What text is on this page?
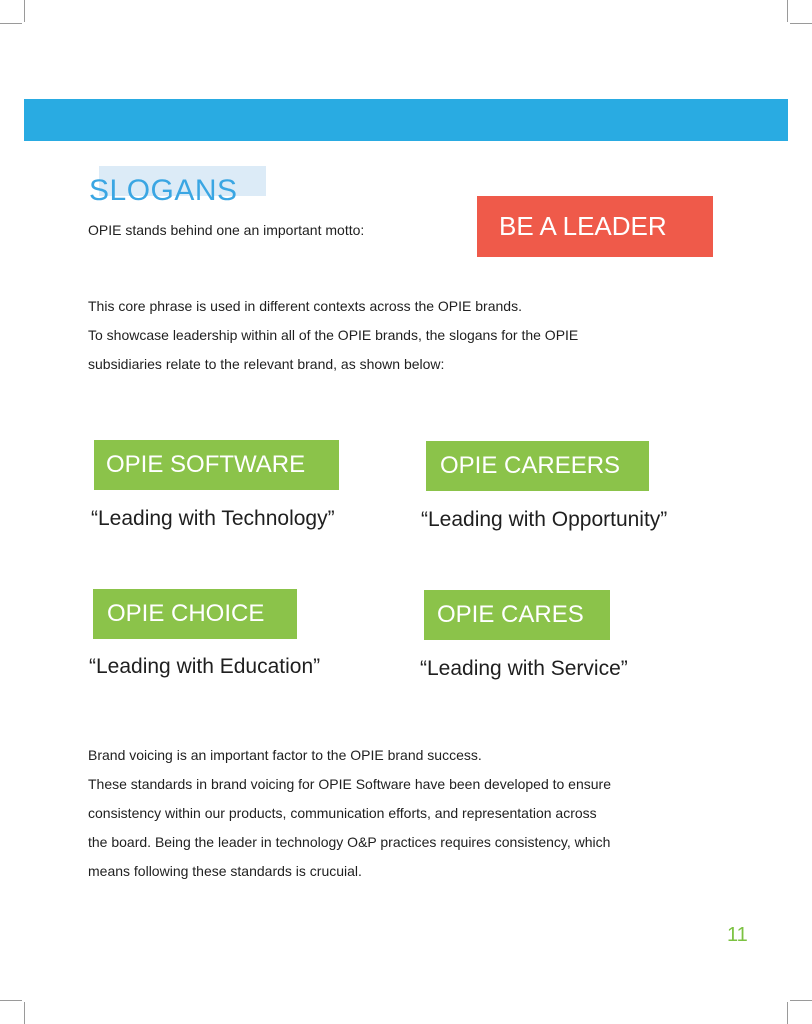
SLOGANS
OPIE stands behind one an important motto:	BE A LEADER
This core phrase is used in different contexts across the OPIE brands.
To showcase leadership within all of the OPIE brands, the slogans for the OPIE
subsidiaries relate to the relevant brand, as shown below:
OPIE SOFTWARE
“Leading with Technology”
OPIE CAREERS
“Leading with Opportunity”
OPIE CHOICE
“Leading with Education”
OPIE CARES
“Leading with Service”
Brand voicing is an important factor to the OPIE brand success.
These standards in brand voicing for OPIE Software have been developed to ensure
consistency within our products, communication efforts, and representation across
the board. Being the leader in technology O&P practices requires consistency, which
means following these standards is crucuial.
11
